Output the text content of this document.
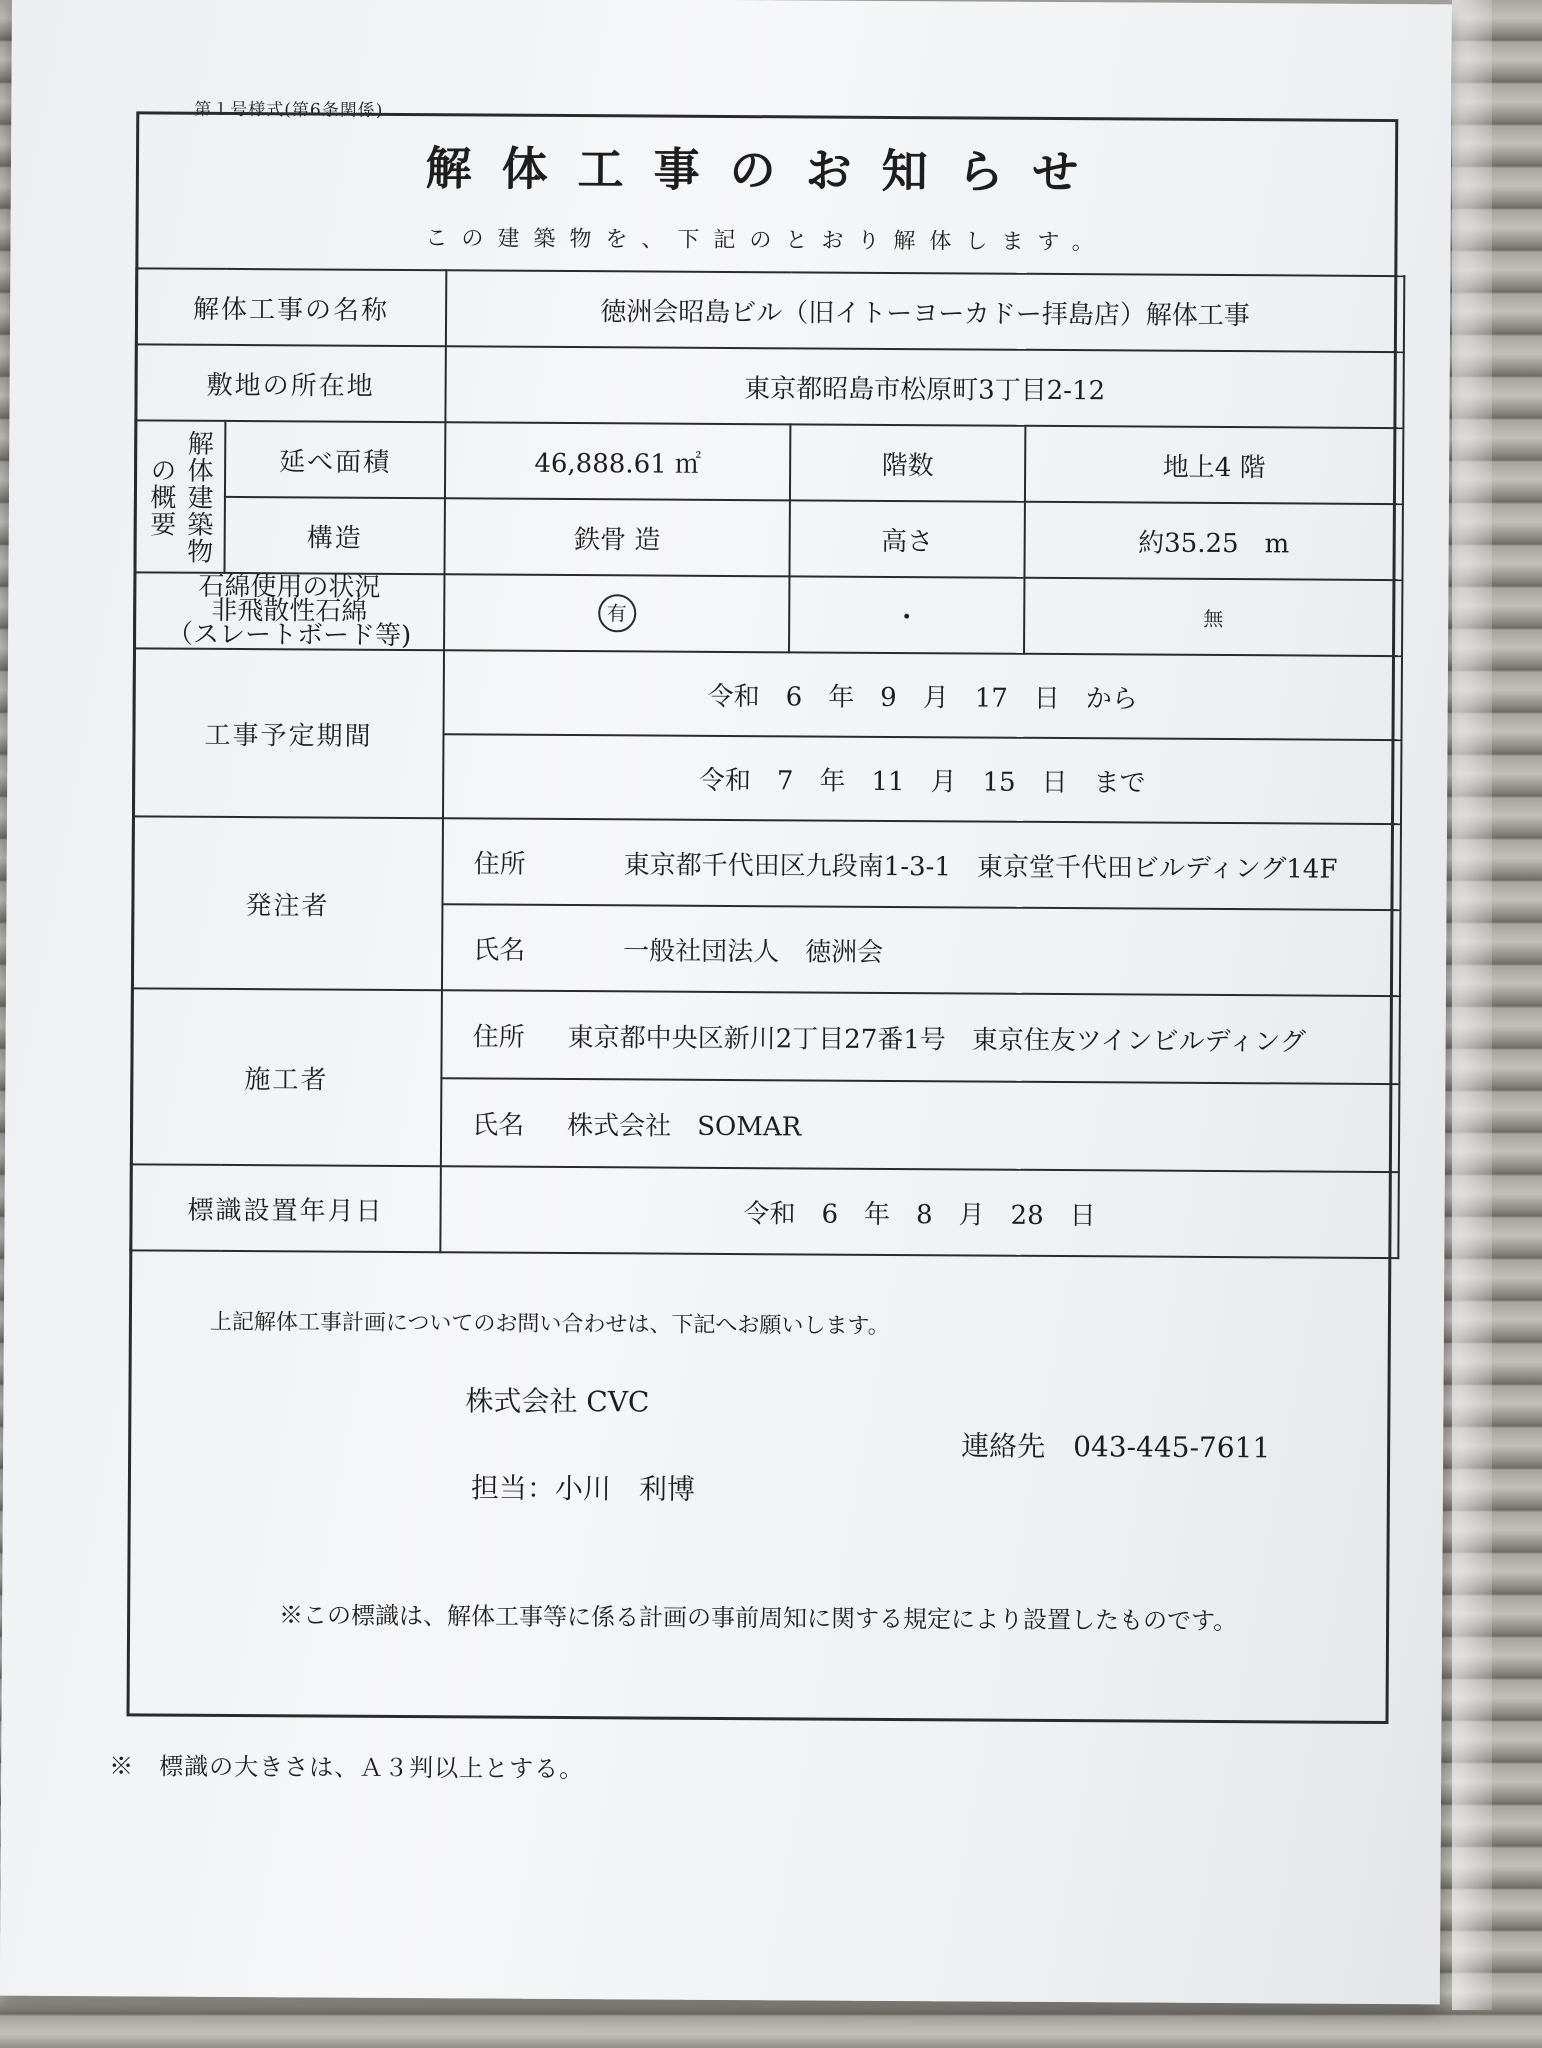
第１号様式(第6条関係)
解体工事のお知らせ
この建築物を、下記のとおり解体します。
解体工事の名称		徳洲会昭島ビル（旧イトーヨーカドー拝島店）解体工事		
敷地の所在地		東京都昭島市松原町3丁目2-12		
解体建築物の概要	延べ面積	46,888.61 ㎡	階数	地上4 階
	構造	鉄骨 造	高さ	約35.25　m

石綿使用の状況
非飛散性石綿
（スレートボード等)		有	・	無
工事予定期間		令和　6　年　9　月　17　日　から		
		令和　7　年　11　月　15　日　まで		
発注者		住所 東京都千代田区九段南1-3-1　東京堂千代田ビルディング14F		
		氏名 一般社団法人　徳洲会		
施工者		住所 東京都中央区新川2丁目27番1号　東京住友ツインビルディング		
		氏名 株式会社　SOMAR		
標識設置年月日		令和　6　年　8　月　28　日		
上記解体工事計画についてのお問い合わせは、下記へお願いします。
株式会社 CVC
連絡先　043-445-7611
担当：小川　利博
※この標識は、解体工事等に係る計画の事前周知に関する規定により設置したものです。
※　標識の大きさは、Ａ３判以上とする。
